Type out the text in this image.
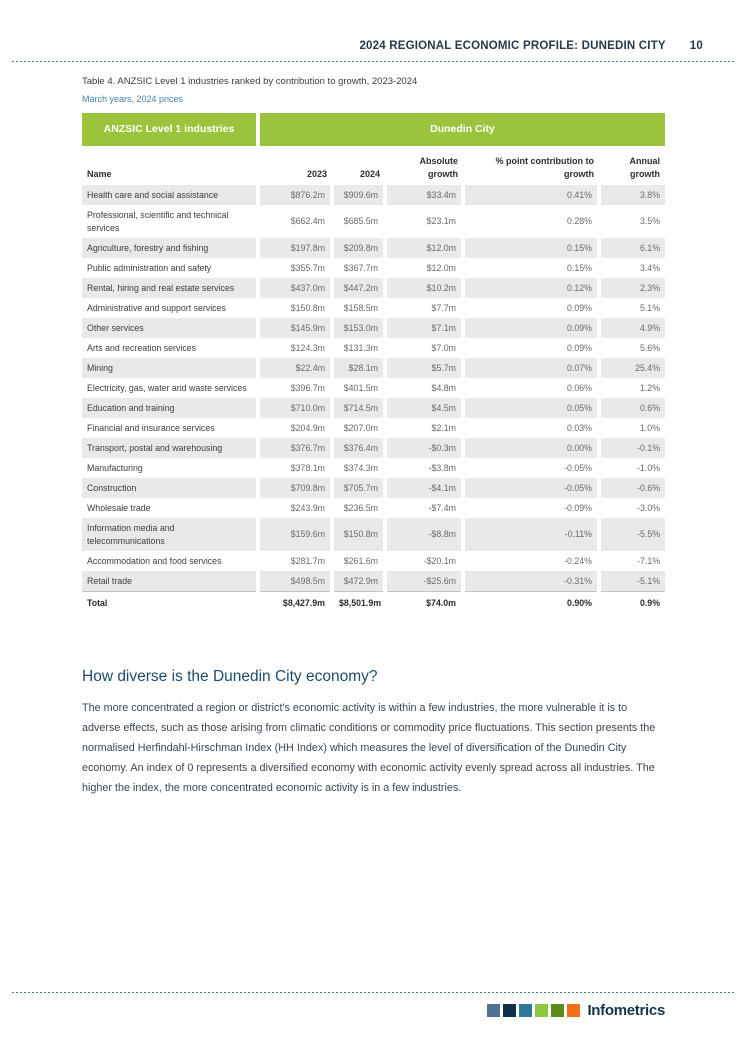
2024 REGIONAL ECONOMIC PROFILE: DUNEDIN CITY 10
Table 4. ANZSIC Level 1 industries ranked by contribution to growth, 2023-2024
March years, 2024 prices
ANZSIC Level 1 industries	Dunedin City				
Name	2023	2024	Absolute growth	% point contribution to growth	Annual growth
Health care and social assistance	$876.2m	$909.6m	$33.4m	0.41%	3.8%
Professional, scientific and technical services	$662.4m	$685.5m	$23.1m	0.28%	3.5%
Agriculture, forestry and fishing	$197.8m	$209.8m	$12.0m	0.15%	6.1%
Public administration and safety	$355.7m	$367.7m	$12.0m	0.15%	3.4%
Rental, hiring and real estate services	$437.0m	$447.2m	$10.2m	0.12%	2.3%
Administrative and support services	$150.8m	$158.5m	$7.7m	0.09%	5.1%
Other services	$145.9m	$153.0m	$7.1m	0.09%	4.9%
Arts and recreation services	$124.3m	$131.3m	$7.0m	0.09%	5.6%
Mining	$22.4m	$28.1m	$5.7m	0.07%	25.4%
Electricity, gas, water and waste services	$396.7m	$401.5m	$4.8m	0.06%	1.2%
Education and training	$710.0m	$714.5m	$4.5m	0.05%	0.6%
Financial and insurance services	$204.9m	$207.0m	$2.1m	0.03%	1.0%
Transport, postal and warehousing	$376.7m	$376.4m	-$0.3m	0.00%	-0.1%
Manufacturing	$378.1m	$374.3m	-$3.8m	-0.05%	-1.0%
Construction	$709.8m	$705.7m	-$4.1m	-0.05%	-0.6%
Wholesale trade	$243.9m	$236.5m	-$7.4m	-0.09%	-3.0%
Information media and telecommunications	$159.6m	$150.8m	-$8.8m	-0.11%	-5.5%
Accommodation and food services	$281.7m	$261.6m	-$20.1m	-0.24%	-7.1%
Retail trade	$498.5m	$472.9m	-$25.6m	-0.31%	-5.1%
Total	$8,427.9m	$8,501.9m	$74.0m	0.90%	0.9%
How diverse is the Dunedin City economy?
The more concentrated a region or district's economic activity is within a few industries, the more vulnerable it is to adverse effects, such as those arising from climatic conditions or commodity price fluctuations. This section presents the normalised Herfindahl-Hirschman Index (HH Index) which measures the level of diversification of the Dunedin City economy. An index of 0 represents a diversified economy with economic activity evenly spread across all industries. The higher the index, the more concentrated economic activity is in a few industries.
Infometrics
